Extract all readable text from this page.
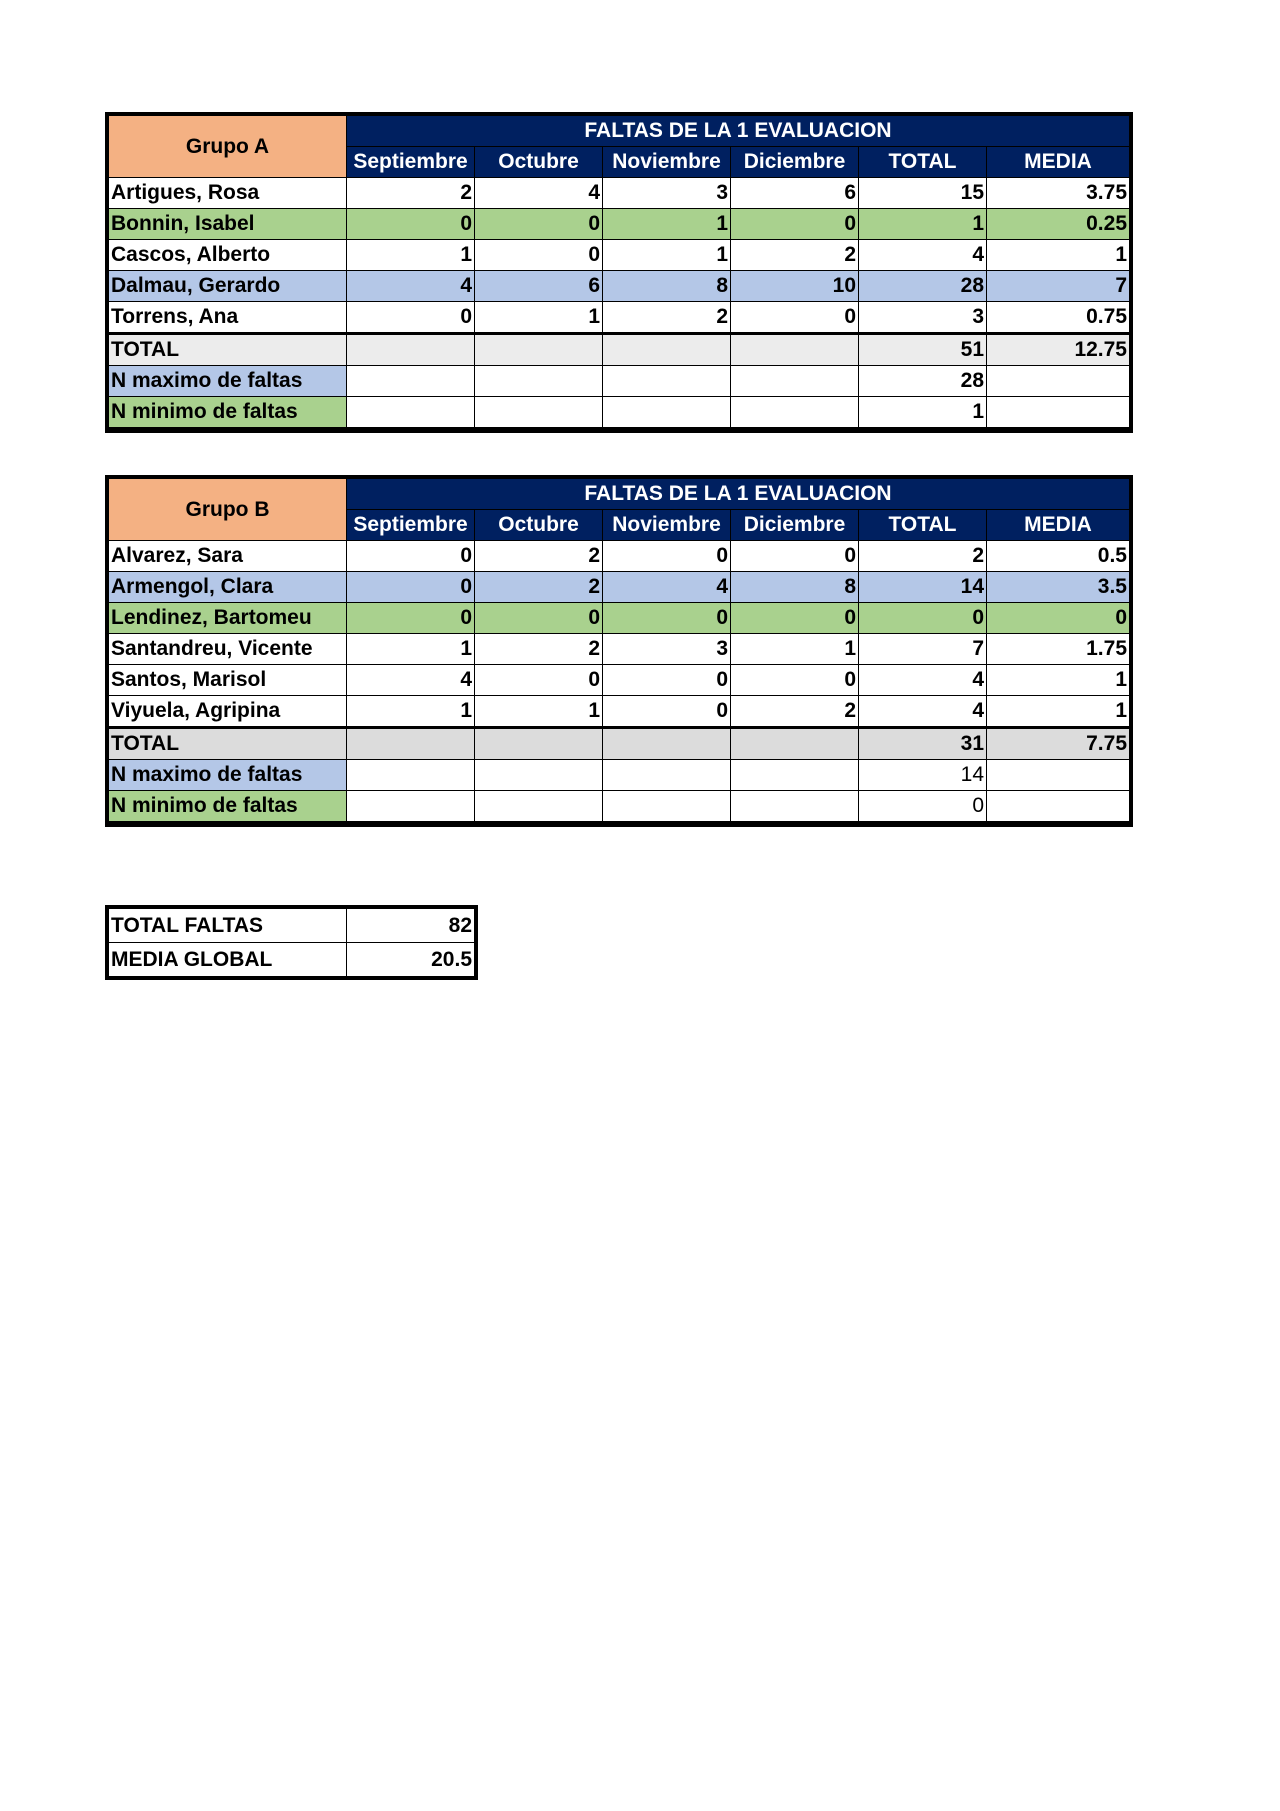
Grupo A	FALTAS DE LA 1 EVALUACION					
	Septiembre	Octubre	Noviembre	Diciembre	TOTAL	MEDIA
Artigues, Rosa	2	4	3	6	15	3.75
Bonnin, Isabel	0	0	1	0	1	0.25
Cascos, Alberto	1	0	1	2	4	1
Dalmau, Gerardo	4	6	8	10	28	7
Torrens, Ana	0	1	2	0	3	0.75
TOTAL					51	12.75
N maximo de faltas					28	
N minimo de faltas					1	
Grupo B	FALTAS DE LA 1 EVALUACION					
	Septiembre	Octubre	Noviembre	Diciembre	TOTAL	MEDIA
Alvarez, Sara	0	2	0	0	2	0.5
Armengol, Clara	0	2	4	8	14	3.5
Lendinez, Bartomeu	0	0	0	0	0	0
Santandreu, Vicente	1	2	3	1	7	1.75
Santos, Marisol	4	0	0	0	4	1
Viyuela, Agripina	1	1	0	2	4	1
TOTAL					31	7.75
N maximo de faltas					14	
N minimo de faltas					0	
TOTAL FALTAS	82
MEDIA GLOBAL	20.5
